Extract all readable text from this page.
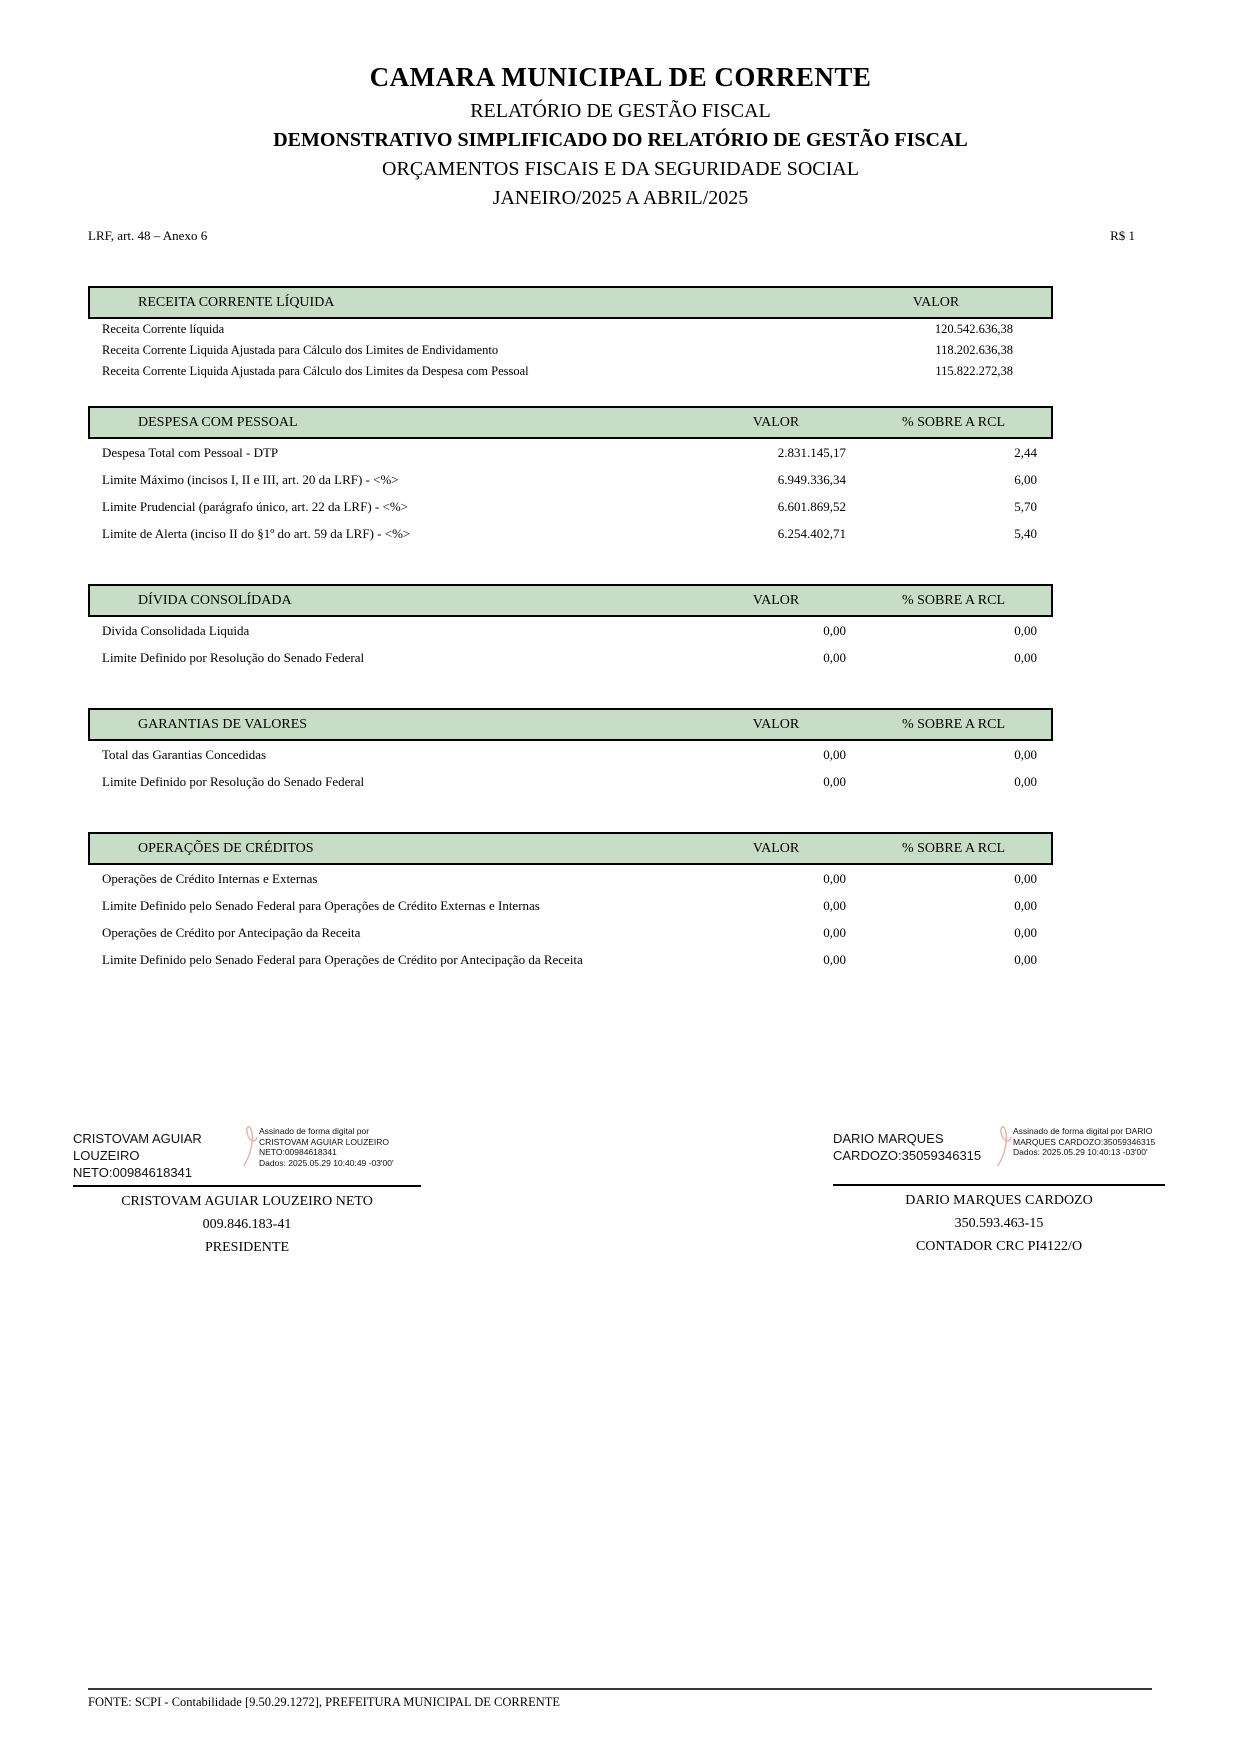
CAMARA MUNICIPAL DE CORRENTE
RELATÓRIO DE GESTÃO FISCAL
DEMONSTRATIVO SIMPLIFICADO DO RELATÓRIO DE GESTÃO FISCAL
ORÇAMENTOS FISCAIS E DA SEGURIDADE SOCIAL
JANEIRO/2025 A ABRIL/2025
LRF, art. 48 – Anexo 6	R$ 1
RECEITA CORRENTE LÍQUIDA	VALOR
Receita Corrente líquida	120.542.636,38
Receita Corrente Liquida Ajustada para Cálculo dos Limites de Endividamento	118.202.636,38
Receita Corrente Liquida Ajustada para Cálculo dos Limites da Despesa com Pessoal	115.822.272,38
DESPESA COM PESSOAL	VALOR	% SOBRE A RCL
Despesa Total com Pessoal - DTP	2.831.145,17	2,44
Limite Máximo (incisos I, II e III, art. 20 da LRF) - <%>	6.949.336,34	6,00
Limite Prudencial (parágrafo único, art. 22 da LRF) - <%>	6.601.869,52	5,70
Limite de Alerta (inciso II do §1º do art. 59 da LRF) - <%>	6.254.402,71	5,40
DÍVIDA CONSOLÍDADA	VALOR	% SOBRE A RCL
Divida Consolidada Liquida	0,00	0,00
Limite Definido por Resolução do Senado Federal	0,00	0,00
GARANTIAS DE VALORES	VALOR	% SOBRE A RCL
Total das Garantias Concedidas	0,00	0,00
Limite Definido por Resolução do Senado Federal	0,00	0,00
OPERAÇÕES DE CRÉDITOS	VALOR	% SOBRE A RCL
Operações de Crédito Internas e Externas	0,00	0,00
Limite Definido pelo Senado Federal para Operações de Crédito Externas e Internas	0,00	0,00
Operações de Crédito por Antecipação da Receita	0,00	0,00
Limite Definido pelo Senado Federal para Operações de Crédito por Antecipação da Receita	0,00	0,00
CRISTOVAM AGUIAR LOUZEIRO NETO:00984618341
Assinado de forma digital por CRISTOVAM AGUIAR LOUZEIRO NETO:00984618341
Dados: 2025.05.29 10:40:49 -03'00'
CRISTOVAM AGUIAR LOUZEIRO NETO
009.846.183-41
PRESIDENTE
DARIO MARQUES CARDOZO:35059346315
Assinado de forma digital por DARIO MARQUES CARDOZO:35059346315
Dados: 2025.05.29 10:40:13 -03'00'
DARIO MARQUES CARDOZO
350.593.463-15
CONTADOR CRC PI4122/O
FONTE: SCPI - Contabilidade [9.50.29.1272], PREFEITURA MUNICIPAL DE CORRENTE
